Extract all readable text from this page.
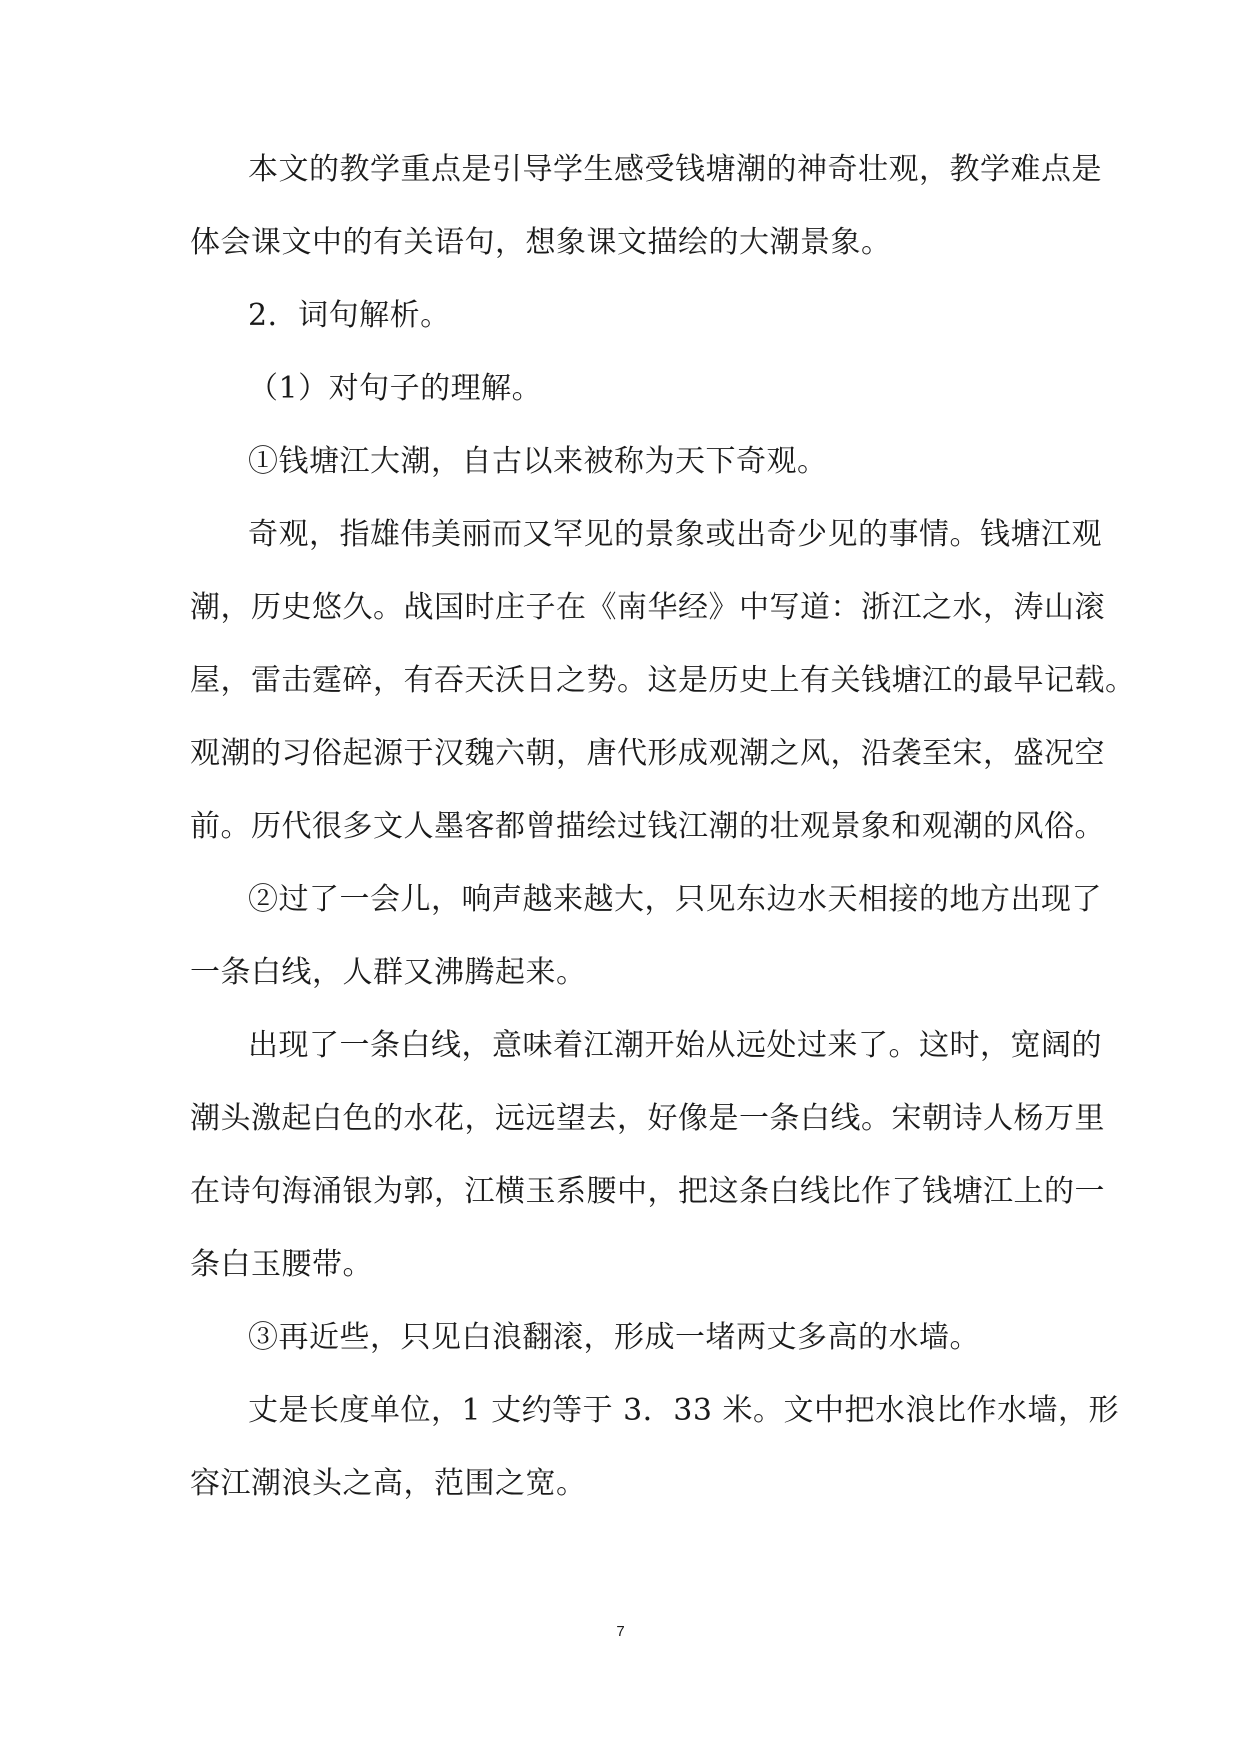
本文的教学重点是引导学生感受钱塘潮的神奇壮观，教学难点是
体会课文中的有关语句，想象课文描绘的大潮景象。
2．词句解析。
（1）对句子的理解。
①钱塘江大潮，自古以来被称为天下奇观。
奇观，指雄伟美丽而又罕见的景象或出奇少见的事情。钱塘江观
潮，历史悠久。战国时庄子在《南华经》中写道：浙江之水，涛山滚
屋，雷击霆碎，有吞天沃日之势。这是历史上有关钱塘江的最早记载。
观潮的习俗起源于汉魏六朝，唐代形成观潮之风，沿袭至宋，盛况空
前。历代很多文人墨客都曾描绘过钱江潮的壮观景象和观潮的风俗。
②过了一会儿，响声越来越大，只见东边水天相接的地方出现了
一条白线，人群又沸腾起来。
出现了一条白线，意味着江潮开始从远处过来了。这时，宽阔的
潮头激起白色的水花，远远望去，好像是一条白线。宋朝诗人杨万里
在诗句海涌银为郭，江横玉系腰中，把这条白线比作了钱塘江上的一
条白玉腰带。
③再近些，只见白浪翻滚，形成一堵两丈多高的水墙。
丈是长度单位，1 丈约等于 3．33 米。文中把水浪比作水墙，形
容江潮浪头之高，范围之宽。
7
